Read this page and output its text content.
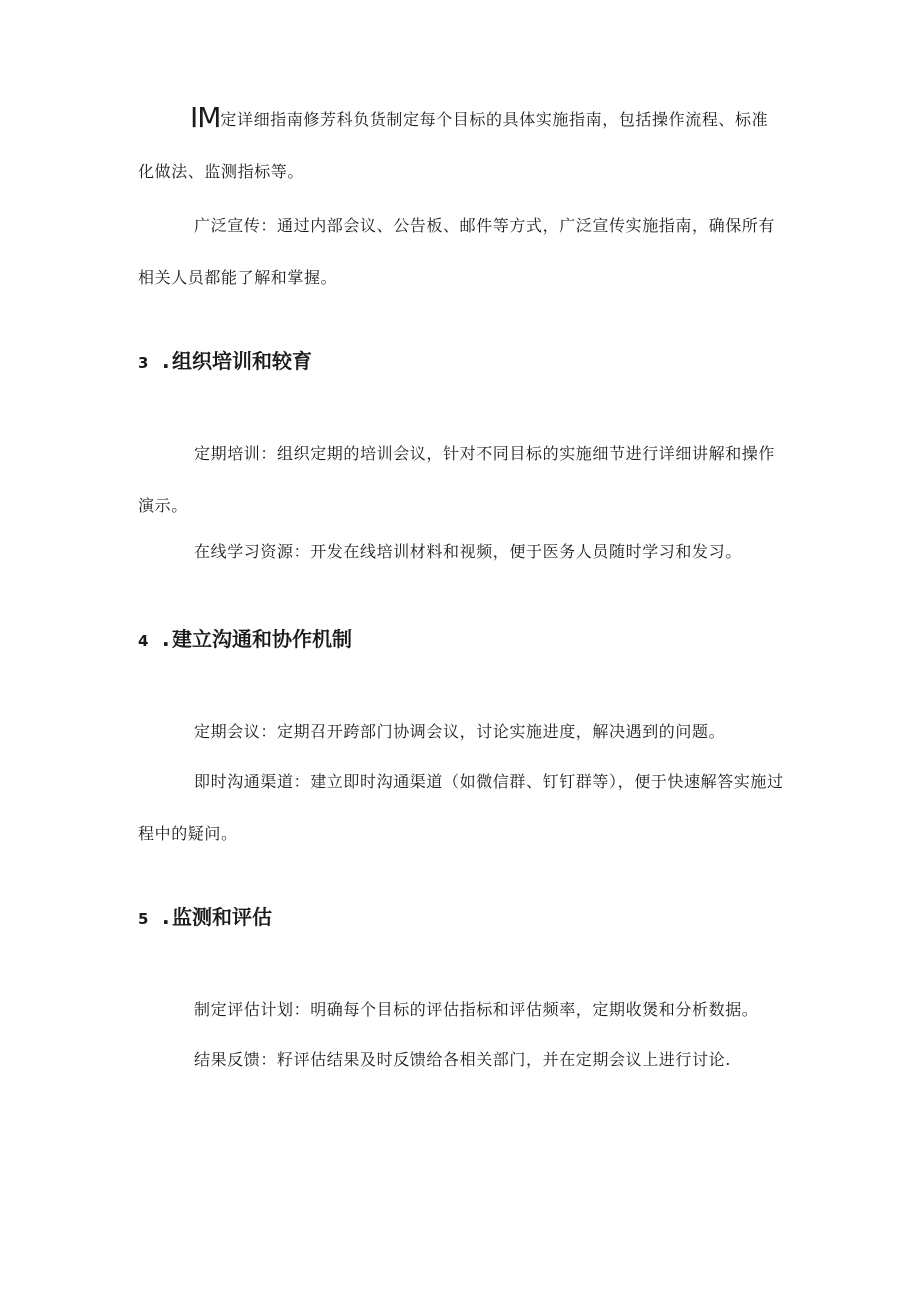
IM定详细指南修芳科负货制定每个目标的具体实施指南，包括操作流程、标准化做法、监测指标等。

广泛宣传：通过内部会议、公告板、邮件等方式，广泛宣传实施指南，确保所有相关人员都能了解和掌握。

3 . 组织培训和较育

定期培训：组织定期的培训会议，针对不同目标的实施细节进行详细讲解和操作演示。

在线学习资源：开发在线培训材料和视频，便于医务人员随时学习和发习。

4 . 建立沟通和协作机制

定期会议：定期召开跨部门协调会议，讨论实施进度，解决遇到的问题。

即时沟通渠道：建立即时沟通渠道（如微信群、钉钉群等），便于快速解答实施过程中的疑问。

5 . 监测和评估

制定评估计划：明确每个目标的评估指标和评估频率，定期收煲和分析数据。

结果反馈：籽评估结果及时反馈给各相关部门，并在定期会议上进行讨论.
